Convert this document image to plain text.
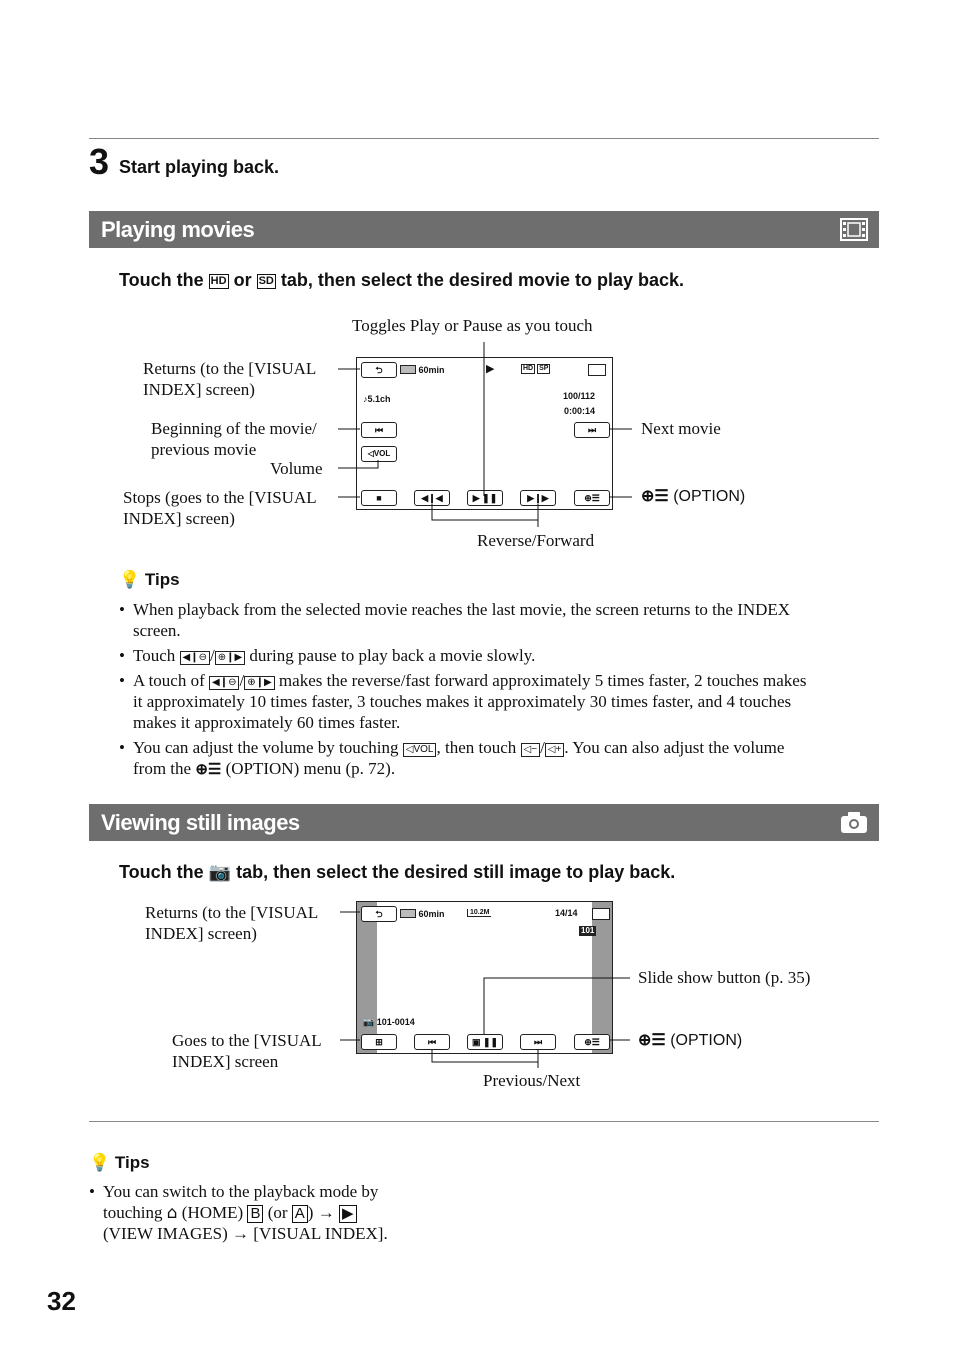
3 Start playing back.
Playing movies
Touch the HD or SD tab, then select the desired movie to play back.
Toggles Play or Pause as you touch
Returns (to the [VISUAL
INDEX] screen)
Beginning of the movie/
previous movie
Volume
Next movie
Stops (goes to the [VISUAL
INDEX] screen)
⊕☰ (OPTION)
Reverse/Forward
⮌	60min	▶	HD SP
♪5.1ch	100/112
0:00:14
⏮	⏭
◁VOL
■	◀❙◀	▶ ❚❚	▶❙▶	⊕☰
💡 Tips
• When playback from the selected movie reaches the last movie, the screen returns to the INDEX
screen.
• Touch ◀❙⊖ / ⊕❙▶ during pause to play back a movie slowly.
• A touch of ◀❙⊖ / ⊕❙▶ makes the reverse/fast forward approximately 5 times faster, 2 touches makes
it approximately 10 times faster, 3 touches makes it approximately 30 times faster, and 4 touches
makes it approximately 60 times faster.
• You can adjust the volume by touching ◁VOL , then touch ◁− / ◁+ . You can also adjust the volume
from the ⊕☰ (OPTION) menu (p. 72).
Viewing still images
Touch the 📷 tab, then select the desired still image to play back.
Returns (to the [VISUAL
INDEX] screen)
Slide show button (p. 35)
Goes to the [VISUAL
INDEX] screen
⊕☰ (OPTION)
Previous/Next
⮌	60min	10.2M	14/14
101
📷 101-0014
⊞	⏮	▣ ❚❚	⏭	⊕☰
💡 Tips
• You can switch to the playback mode by
touching ⌂ (HOME) B (or A ) → ▶
(VIEW IMAGES) → [VISUAL INDEX].
32
